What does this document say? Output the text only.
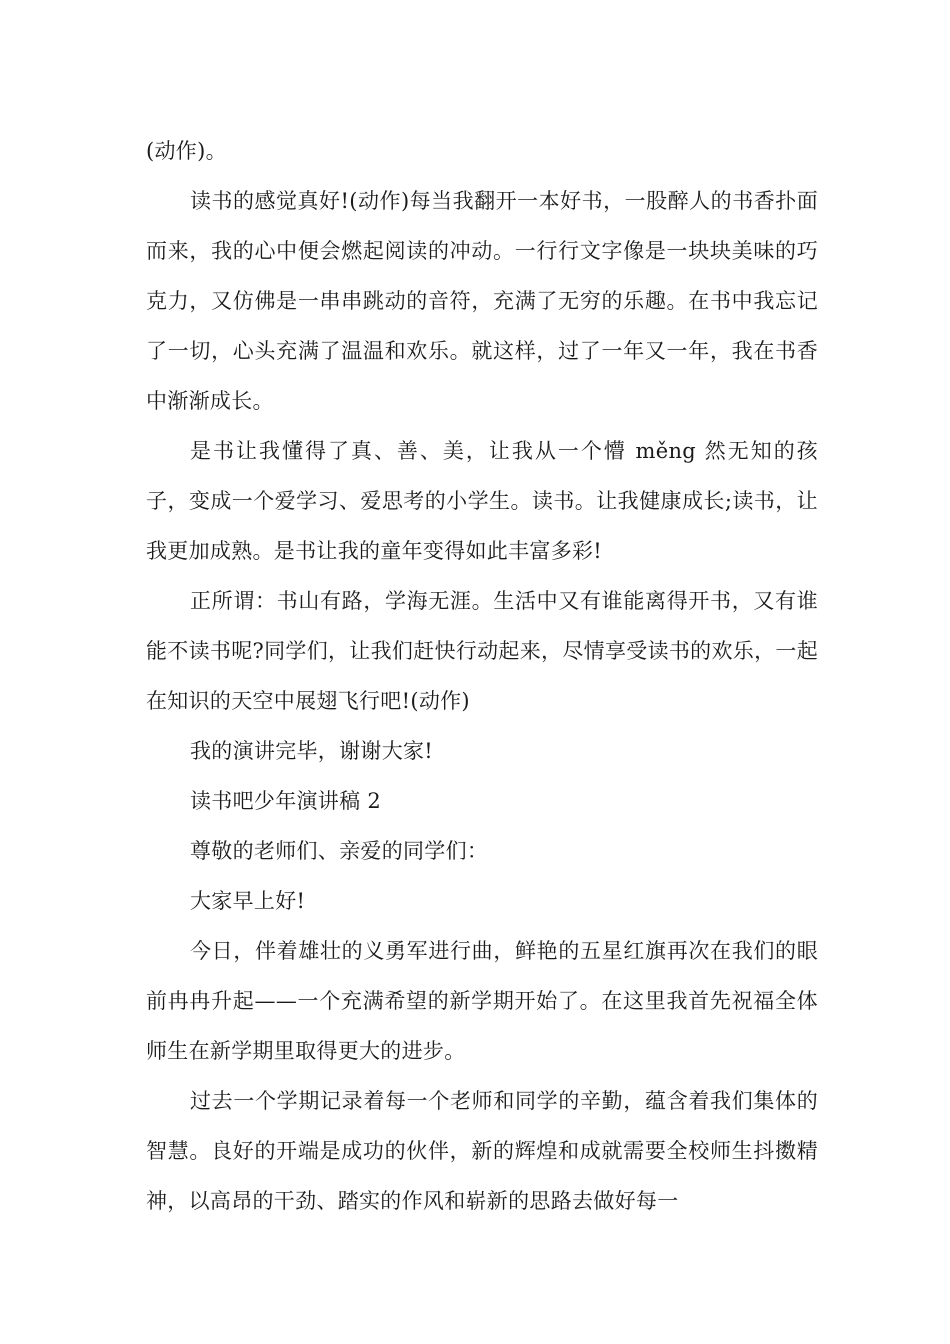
(动作)。

读书的感觉真好!(动作)每当我翻开一本好书，一股醉人的书香扑面而来，我的心中便会燃起阅读的冲动。一行行文字像是一块块美味的巧克力，又仿佛是一串串跳动的音符，充满了无穷的乐趣。在书中我忘记了一切，心头充满了温温和欢乐。就这样，过了一年又一年，我在书香中渐渐成长。

是书让我懂得了真、善、美，让我从一个懵 měng 然无知的孩子，变成一个爱学习、爱思考的小学生。读书。让我健康成长;读书，让我更加成熟。是书让我的童年变得如此丰富多彩!

正所谓：书山有路，学海无涯。生活中又有谁能离得开书，又有谁能不读书呢?同学们，让我们赶快行动起来，尽情享受读书的欢乐，一起在知识的天空中展翅飞行吧!(动作)

我的演讲完毕，谢谢大家!

读书吧少年演讲稿 2

尊敬的老师们、亲爱的同学们：

大家早上好!

今日，伴着雄壮的义勇军进行曲，鲜艳的五星红旗再次在我们的眼前冉冉升起——一个充满希望的新学期开始了。在这里我首先祝福全体师生在新学期里取得更大的进步。

过去一个学期记录着每一个老师和同学的辛勤，蕴含着我们集体的智慧。良好的开端是成功的伙伴，新的辉煌和成就需要全校师生抖擞精神，以高昂的干劲、踏实的作风和崭新的思路去做好每一
